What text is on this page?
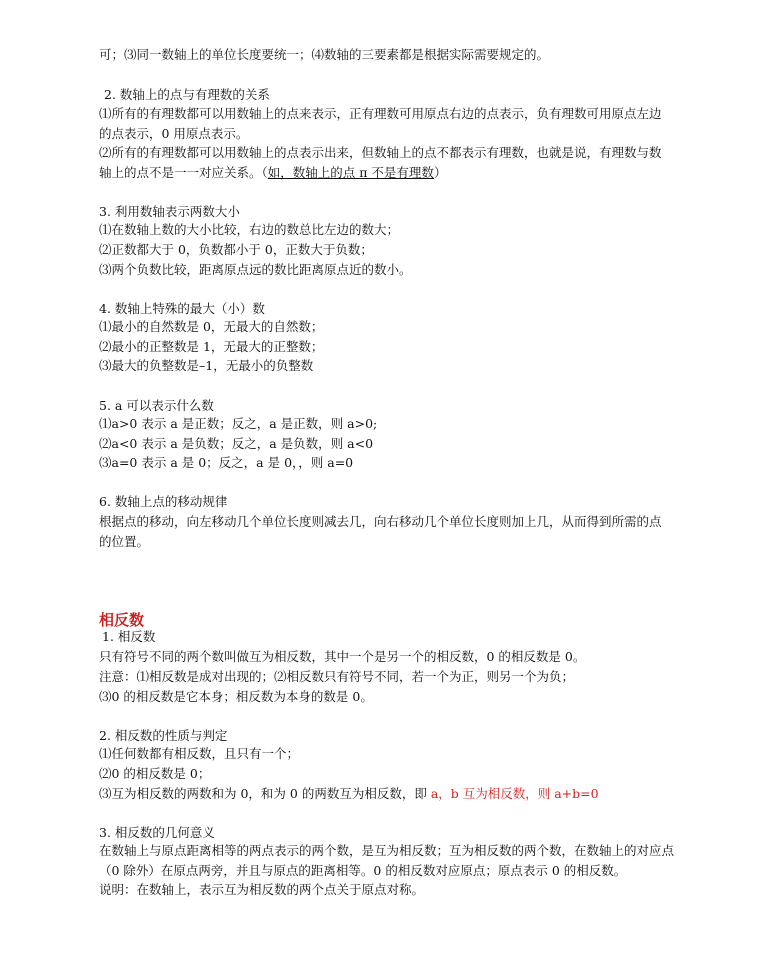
可；⑶同一数轴上的单位长度要统一；⑷数轴的三要素都是根据实际需要规定的。
2. 数轴上的点与有理数的关系
⑴所有的有理数都可以用数轴上的点来表示，正有理数可用原点右边的点表示，负有理数可用原点左边
的点表示，0 用原点表示。
⑵所有的有理数都可以用数轴上的点表示出来，但数轴上的点不都表示有理数，也就是说，有理数与数
轴上的点不是一一对应关系。（如，数轴上的点 π 不是有理数）
3. 利用数轴表示两数大小
⑴在数轴上数的大小比较，右边的数总比左边的数大；
⑵正数都大于 0，负数都小于 0，正数大于负数；
⑶两个负数比较，距离原点远的数比距离原点近的数小。
4. 数轴上特殊的最大（小）数
⑴最小的自然数是 0，无最大的自然数；
⑵最小的正整数是 1，无最大的正整数；
⑶最大的负整数是–1，无最小的负整数
5. a 可以表示什么数
⑴a>0 表示 a 是正数；反之，a 是正数，则 a>0;
⑵a<0 表示 a 是负数；反之，a 是负数，则 a<0
⑶a=0 表示 a 是 0；反之，a 是 0，，则 a=0
6. 数轴上点的移动规律
根据点的移动，向左移动几个单位长度则减去几，向右移动几个单位长度则加上几，从而得到所需的点
的位置。
相反数
1. 相反数
只有符号不同的两个数叫做互为相反数，其中一个是另一个的相反数，0 的相反数是 0。
注意：⑴相反数是成对出现的；⑵相反数只有符号不同，若一个为正，则另一个为负；
⑶0 的相反数是它本身；相反数为本身的数是 0。
2. 相反数的性质与判定
⑴任何数都有相反数，且只有一个；
⑵0 的相反数是 0；
⑶互为相反数的两数和为 0，和为 0 的两数互为相反数，即 a，b 互为相反数，则 a+b=0
3. 相反数的几何意义
在数轴上与原点距离相等的两点表示的两个数，是互为相反数；互为相反数的两个数，在数轴上的对应点
（0 除外）在原点两旁，并且与原点的距离相等。0 的相反数对应原点；原点表示 0 的相反数。
说明：在数轴上，表示互为相反数的两个点关于原点对称。
